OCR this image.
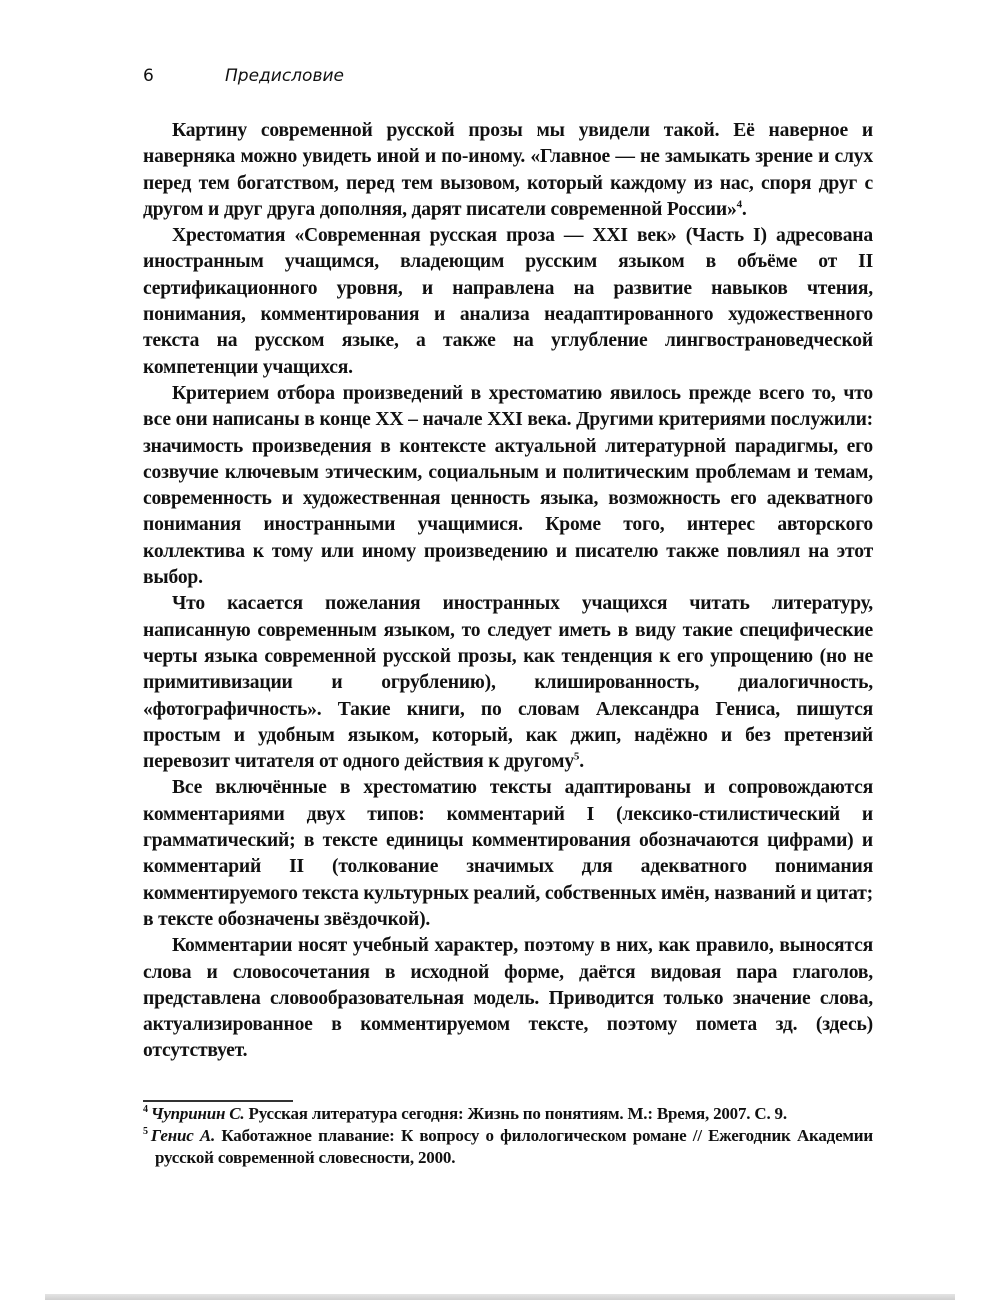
6	Предисловие

Картину современной русской прозы мы увидели такой. Её наверное и наверняка можно увидеть иной и по-иному. «Главное — не замыкать зрение и слух перед тем богатством, перед тем вызовом, который каждому из нас, споря друг с другом и друг друга дополняя, дарят писатели современной России»$^4$.

Хрестоматия «Современная русская проза — XXI век» (Часть I) адресована иностранным учащимся, владеющим русским языком в объёме от II сертификационного уровня, и направлена на развитие навыков чтения, понимания, комментирования и анализа неадаптированного художественного текста на русском языке, а также на углубление лингвострановедческой компетенции учащихся.

Критерием отбора произведений в хрестоматию явилось прежде всего то, что все они написаны в конце XX – начале XXI века. Другими критериями послужили: значимость произведения в контексте актуальной литературной парадигмы, его созвучие ключевым этическим, социальным и политическим проблемам и темам, современность и художественная ценность языка, возможность его адекватного понимания иностранными учащимися. Кроме того, интерес авторского коллектива к тому или иному произведению и писателю также повлиял на этот выбор.

Что касается пожелания иностранных учащихся читать литературу, написанную современным языком, то следует иметь в виду такие специфические черты языка современной русской прозы, как тенденция к его упрощению (но не примитивизации и огрублению), клишированность, диалогичность, «фотографичность». Такие книги, по словам Александра Гениса, пишутся простым и удобным языком, который, как джип, надёжно и без претензий перевозит читателя от одного действия к другому$^5$.

Все включённые в хрестоматию тексты адаптированы и сопровождаются комментариями двух типов: комментарий I (лексико-стилистический и грамматический; в тексте единицы комментирования обозначаются цифрами) и комментарий II (толкование значимых для адекватного понимания комментируемого текста культурных реалий, собственных имён, названий и цитат; в тексте обозначены звёздочкой).

Комментарии носят учебный характер, поэтому в них, как правило, выносятся слова и словосочетания в исходной форме, даётся видовая пара глаголов, представлена словообразовательная модель. Приводится только значение слова, актуализированное в комментируемом тексте, поэтому помета зд. (здесь) отсутствует.

$^4$ Чупринин С. Русская литература сегодня: Жизнь по понятиям. М.: Время, 2007. С. 9.
$^5$ Генис А. Каботажное плавание: К вопросу о филологическом романе // Ежегодник Академии русской современной словесности, 2000.
